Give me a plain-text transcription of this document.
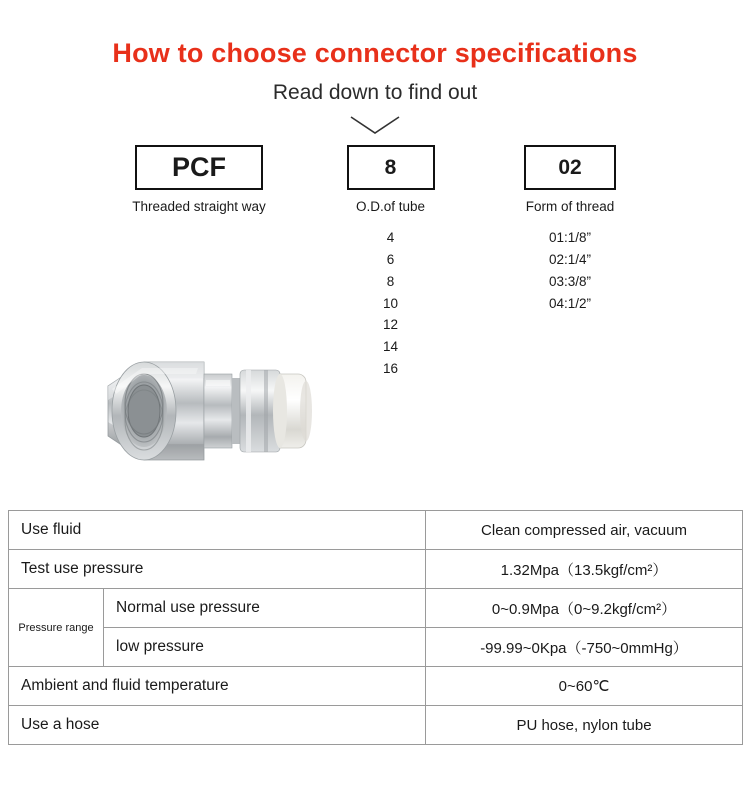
How to choose connector specifications
Read down to find out
PCF
Threaded straight way
8
O.D.of tube
4
6
8
10
12
14
16
02
Form of thread
01:1/8”
02:1/4”
03:3/8”
04:1/2”
Use fluid		Clean compressed air, vacuum
Test use pressure		1.32Mpa（13.5kgf/cm²）
Pressure range	Normal use pressure	0~0.9Mpa（0~9.2kgf/cm²）
	low pressure	-99.99~0Kpa（-750~0mmHg）
Ambient and fluid temperature		0~60℃
Use a hose		PU hose, nylon tube
